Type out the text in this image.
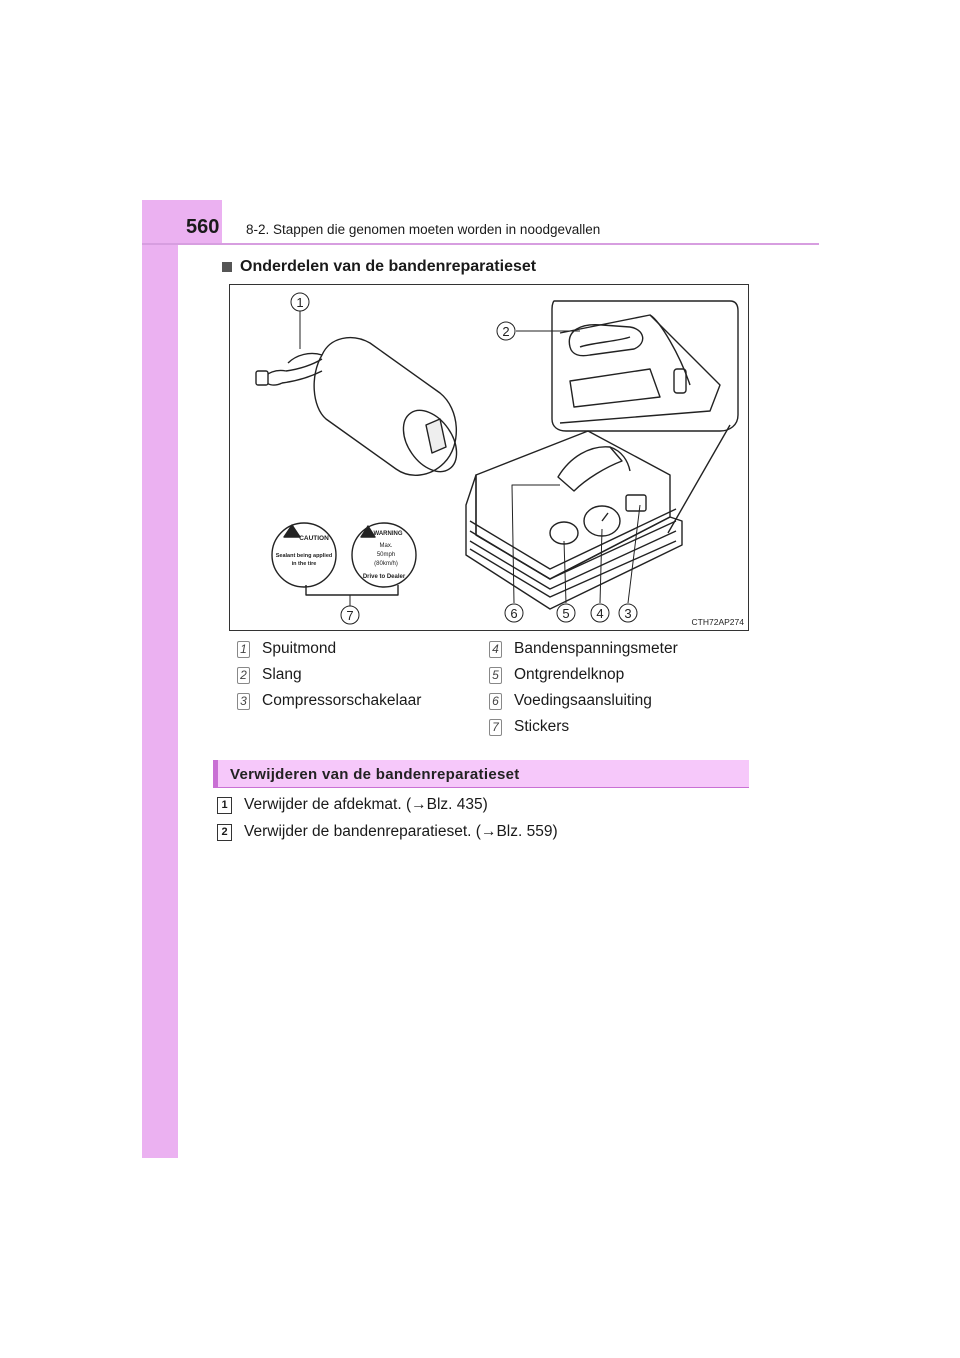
560 8-2. Stappen die genomen moeten worden in noodgevallen
Onderdelen van de bandenreparatieset
1
2
3
4
5
6
7
CAUTION
Sealant being applied
in the tire
WARNING
Max.
50mph
(80km/h)
Drive to Dealer
CTH72AP274
1 Spuitmond
2 Slang
3 Compressorschakelaar
4 Bandenspanningsmeter
5 Ontgrendelknop
6 Voedingsaansluiting
7 Stickers
Verwijderen van de bandenreparatieset
1 Verwijder de afdekmat. (→Blz. 435)
2 Verwijder de bandenreparatieset. (→Blz. 559)
